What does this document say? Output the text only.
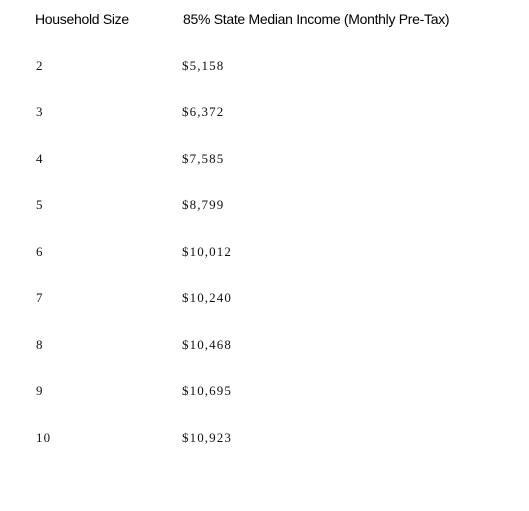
Household Size	85% State Median Income (Monthly Pre-Tax)
2	$5,158
3	$6,372
4	$7,585
5	$8,799
6	$10,012
7	$10,240
8	$10,468
9	$10,695
10	$10,923
